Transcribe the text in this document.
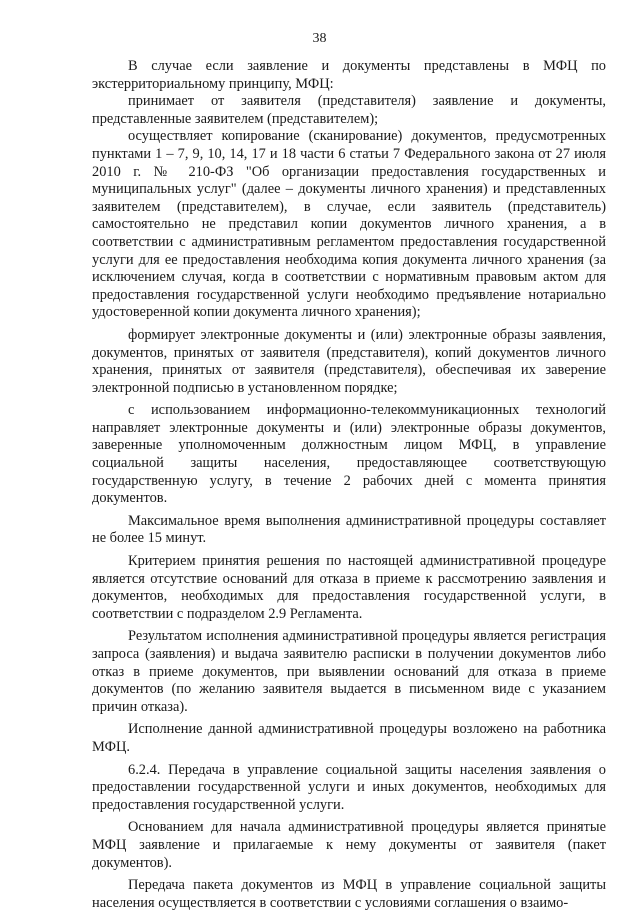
38

В случае если заявление и документы представлены в МФЦ по экстерриториальному принципу, МФЦ:

принимает от заявителя (представителя) заявление и документы, представленные заявителем (представителем);

осуществляет копирование (сканирование) документов, предусмотренных пунктами 1 – 7, 9, 10, 14, 17 и 18 части 6 статьи 7 Федерального закона от 27 июля 2010 г. № 210-ФЗ "Об организации предоставления государственных и муниципальных услуг" (далее – документы личного хранения) и представленных заявителем (представителем), в случае, если заявитель (представитель) самостоятельно не представил копии документов личного хранения, а в соответствии с административным регламентом предоставления государственной услуги для ее предоставления необходима копия документа личного хранения (за исключением случая, когда в соответствии с нормативным правовым актом для предоставления государственной услуги необходимо предъявление нотариально удостоверенной копии документа личного хранения);

формирует электронные документы и (или) электронные образы заявления, документов, принятых от заявителя (представителя), копий документов личного хранения, принятых от заявителя (представителя), обеспечивая их заверение электронной подписью в установленном порядке;

с использованием информационно-телекоммуникационных технологий направляет электронные документы и (или) электронные образы документов, заверенные уполномоченным должностным лицом МФЦ, в управление социальной защиты населения, предоставляющее соответствующую государственную услугу, в течение 2 рабочих дней с момента принятия документов.

Максимальное время выполнения административной процедуры составляет не более 15 минут.

Критерием принятия решения по настоящей административной процедуре является отсутствие оснований для отказа в приеме к рассмотрению заявления и документов, необходимых для предоставления государственной услуги, в соответствии с подразделом 2.9 Регламента.

Результатом исполнения административной процедуры является регистрация запроса (заявления) и выдача заявителю расписки в получении документов либо отказ в приеме документов, при выявлении оснований для отказа в приеме документов (по желанию заявителя выдается в письменном виде с указанием причин отказа).

Исполнение данной административной процедуры возложено на работника МФЦ.

6.2.4. Передача в управление социальной защиты населения заявления о предоставлении государственной услуги и иных документов, необходимых для предоставления государственной услуги.

Основанием для начала административной процедуры является принятые МФЦ заявление и прилагаемые к нему документы от заявителя (пакет документов).

Передача пакета документов из МФЦ в управление социальной защиты населения осуществляется в соответствии с условиями соглашения о взаимо-
